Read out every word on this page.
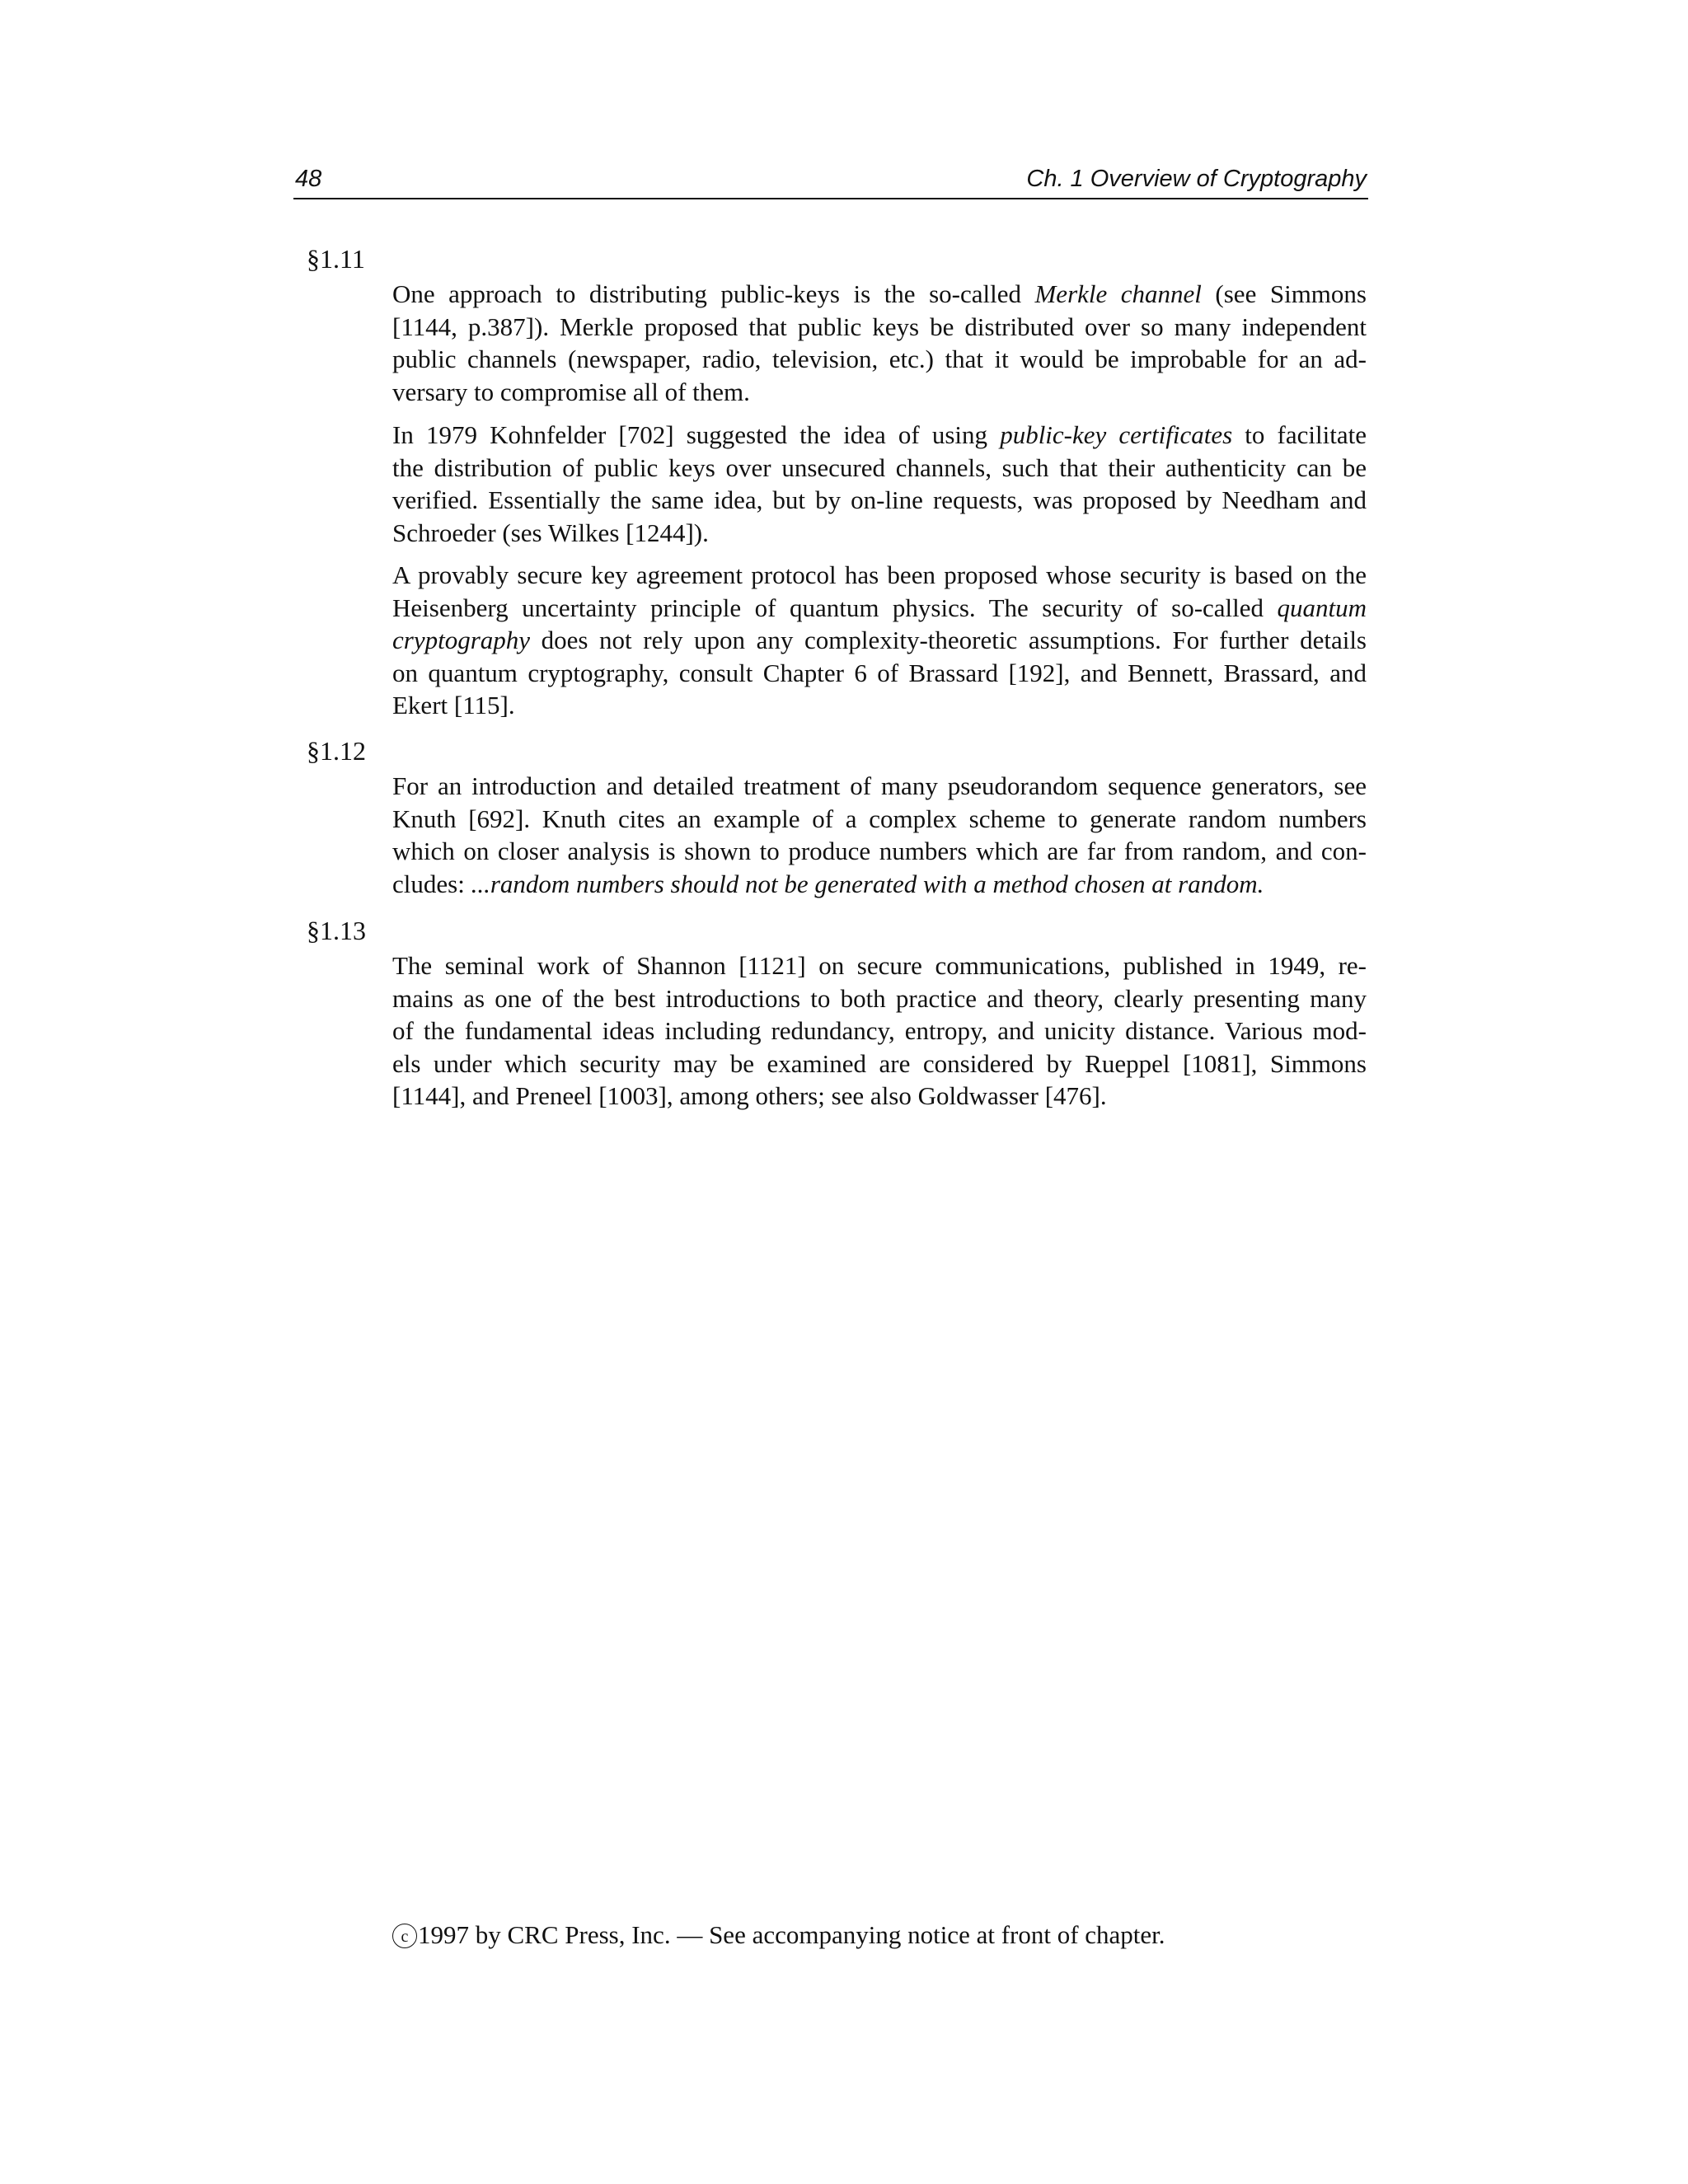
48	Ch. 1 Overview of Cryptography
§1.11
One approach to distributing public-keys is the so-called Merkle channel (see Simmons
[1144, p.387]). Merkle proposed that public keys be distributed over so many independent
public channels (newspaper, radio, television, etc.) that it would be improbable for an ad-
versary to compromise all of them.
In 1979 Kohnfelder [702] suggested the idea of using public-key certificates to facilitate
the distribution of public keys over unsecured channels, such that their authenticity can be
verified. Essentially the same idea, but by on-line requests, was proposed by Needham and
Schroeder (ses Wilkes [1244]).
A provably secure key agreement protocol has been proposed whose security is based on the
Heisenberg uncertainty principle of quantum physics. The security of so-called quantum
cryptography does not rely upon any complexity-theoretic assumptions. For further details
on quantum cryptography, consult Chapter 6 of Brassard [192], and Bennett, Brassard, and
Ekert [115].
§1.12
For an introduction and detailed treatment of many pseudorandom sequence generators, see
Knuth [692]. Knuth cites an example of a complex scheme to generate random numbers
which on closer analysis is shown to produce numbers which are far from random, and con-
cludes: ...random numbers should not be generated with a method chosen at random.
§1.13
The seminal work of Shannon [1121] on secure communications, published in 1949, re-
mains as one of the best introductions to both practice and theory, clearly presenting many
of the fundamental ideas including redundancy, entropy, and unicity distance. Various mod-
els under which security may be examined are considered by Rueppel [1081], Simmons
[1144], and Preneel [1003], among others; see also Goldwasser [476].
c 1997 by CRC Press, Inc. — See accompanying notice at front of chapter.
